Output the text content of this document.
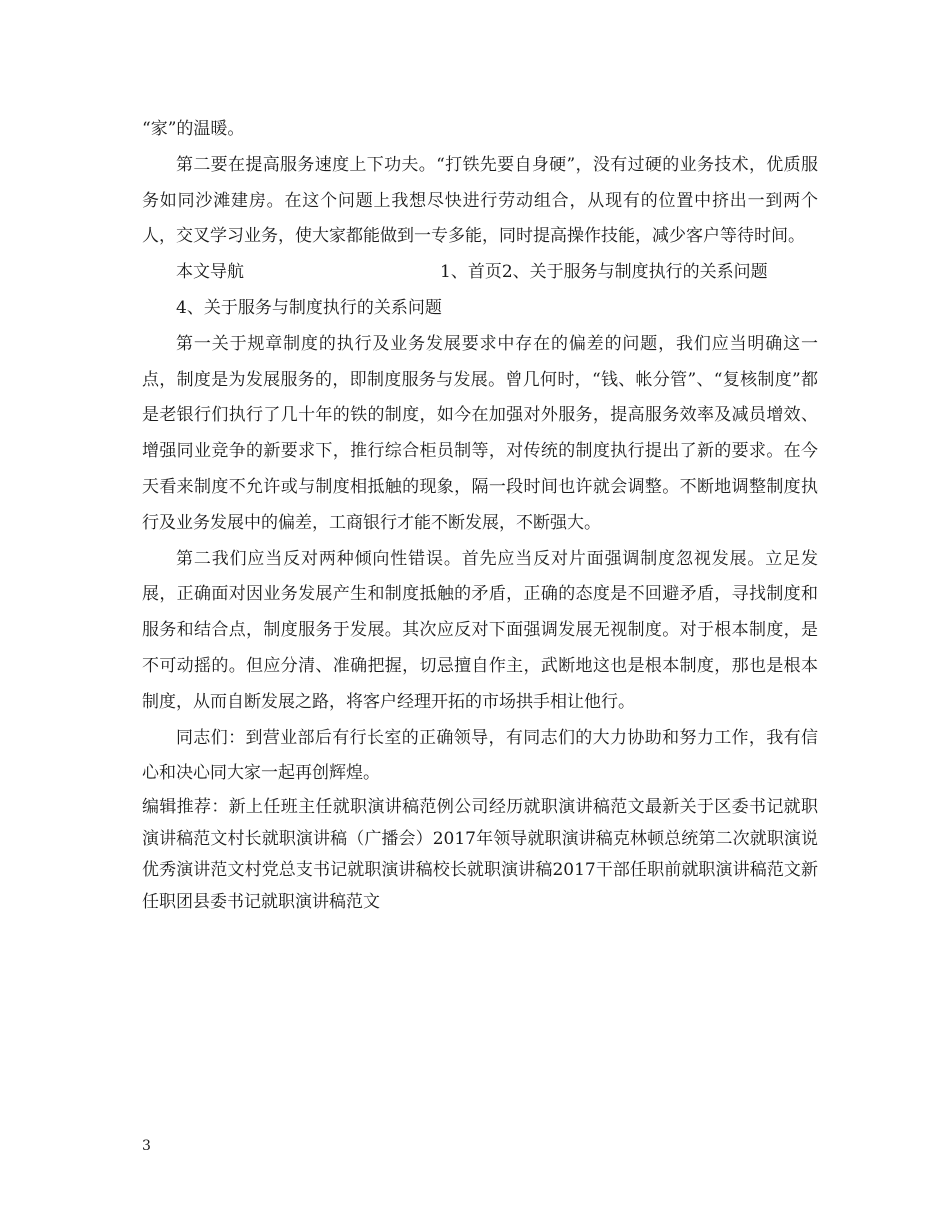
“家”的温暖。

第二要在提高服务速度上下功夫。“打铁先要自身硬”，没有过硬的业务技术，优质服务如同沙滩建房。在这个问题上我想尽快进行劳动组合，从现有的位置中挤出一到两个人，交叉学习业务，使大家都能做到一专多能，同时提高操作技能，减少客户等待时间。

本文导航	1、首页2、关于服务与制度执行的关系问题
4、关于服务与制度执行的关系问题

第一关于规章制度的执行及业务发展要求中存在的偏差的问题，我们应当明确这一点，制度是为发展服务的，即制度服务与发展。曾几何时，“钱、帐分管”、“复核制度”都是老银行们执行了几十年的铁的制度，如今在加强对外服务，提高服务效率及减员增效、增强同业竞争的新要求下，推行综合柜员制等，对传统的制度执行提出了新的要求。在今天看来制度不允许或与制度相抵触的现象，隔一段时间也许就会调整。不断地调整制度执行及业务发展中的偏差，工商银行才能不断发展，不断强大。

第二我们应当反对两种倾向性错误。首先应当反对片面强调制度忽视发展。立足发展，正确面对因业务发展产生和制度抵触的矛盾，正确的态度是不回避矛盾，寻找制度和服务和结合点，制度服务于发展。其次应反对下面强调发展无视制度。对于根本制度，是不可动摇的。但应分清、准确把握，切忌擅自作主，武断地这也是根本制度，那也是根本制度，从而自断发展之路，将客户经理开拓的市场拱手相让他行。

同志们：到营业部后有行长室的正确领导，有同志们的大力协助和努力工作，我有信心和决心同大家一起再创辉煌。

编辑推荐：新上任班主任就职演讲稿范例公司经历就职演讲稿范文最新关于区委书记就职演讲稿范文村长就职演讲稿（广播会）2017年领导就职演讲稿克林顿总统第二次就职演说优秀演讲范文村党总支书记就职演讲稿校长就职演讲稿2017干部任职前就职演讲稿范文新任职团县委书记就职演讲稿范文

3
